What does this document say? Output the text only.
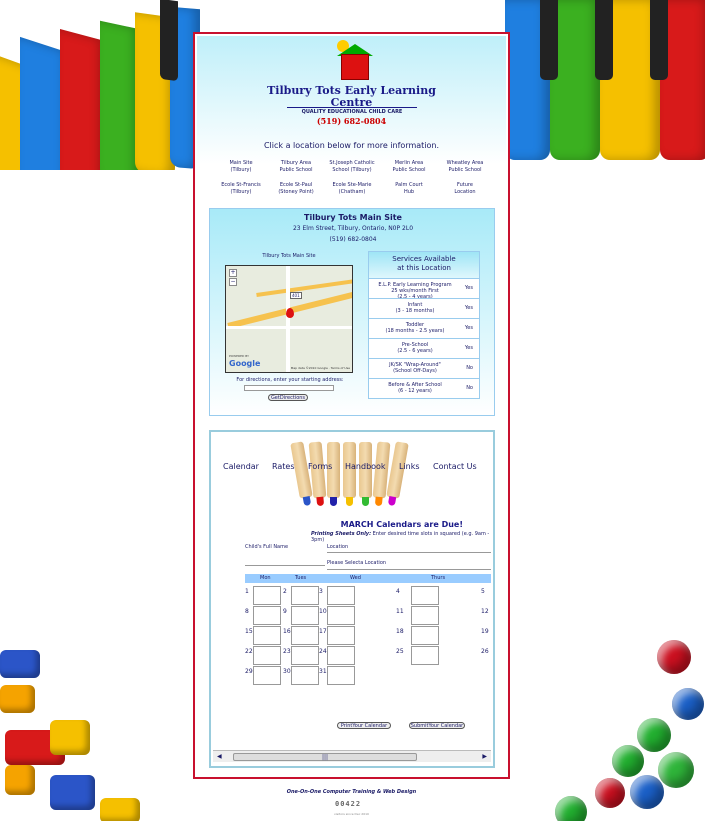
Tilbury Tots Early Learning
Centre
QUALITY EDUCATIONAL CHILD CARE
(519) 682-0804
Click a location below for more information.
Main Site
(Tilbury)
Tilbury Area
Public School
St.Joseph Catholic
School (Tilbury)
Merlin Area
Public School
Wheatley Area
Public School
Ecole St-Francis
(Tilbury)
Ecole St-Paul
(Stoney Point)
Ecole Ste-Marie
(Chatham)
Palm Court
Hub
Future
Location
Tilbury Tots Main Site
23 Elm Street, Tilbury, Ontario, N0P 2L0
(519) 682-0804
Tilbury Tots Main Site
401
+
−
POWERED BY
Google	Map data ©2010 Google · Terms of Use
For directions, enter your starting address:
GetDirections
Services Available
at this Location
E.L.P. Early Learning Program
25 wks/month First
(2.5 - 4 years)
Yes
Infant
(3 - 18 months)	Yes
Toddler
(18 months - 2.5 years)	Yes
Pre-School
(2.5 - 6 years)	Yes
JK/SK "Wrap-Around"
(School Off-Days)	No
Before & After School
(6 - 12 years)	No
Calendar Rates Forms Handbook Links Contact Us
MARCH Calendars are Due!
Printing Sheets Only: Enter desired time slots in squared (e.g. 9am - 3pm)
Child's Full Name	Location
Please Selecta Location
Mon	Tues	Wed	Thurs
1	2	3	4	5
8	9	10	11	12
15	16	17	18	19
22	23	24	25	26
29	30	31
PrintYour Calendar	SubmitYour Calendar
◀	|||	▶
One-On-One Computer Training & Web Design
00422
visitors since Dec 2010
